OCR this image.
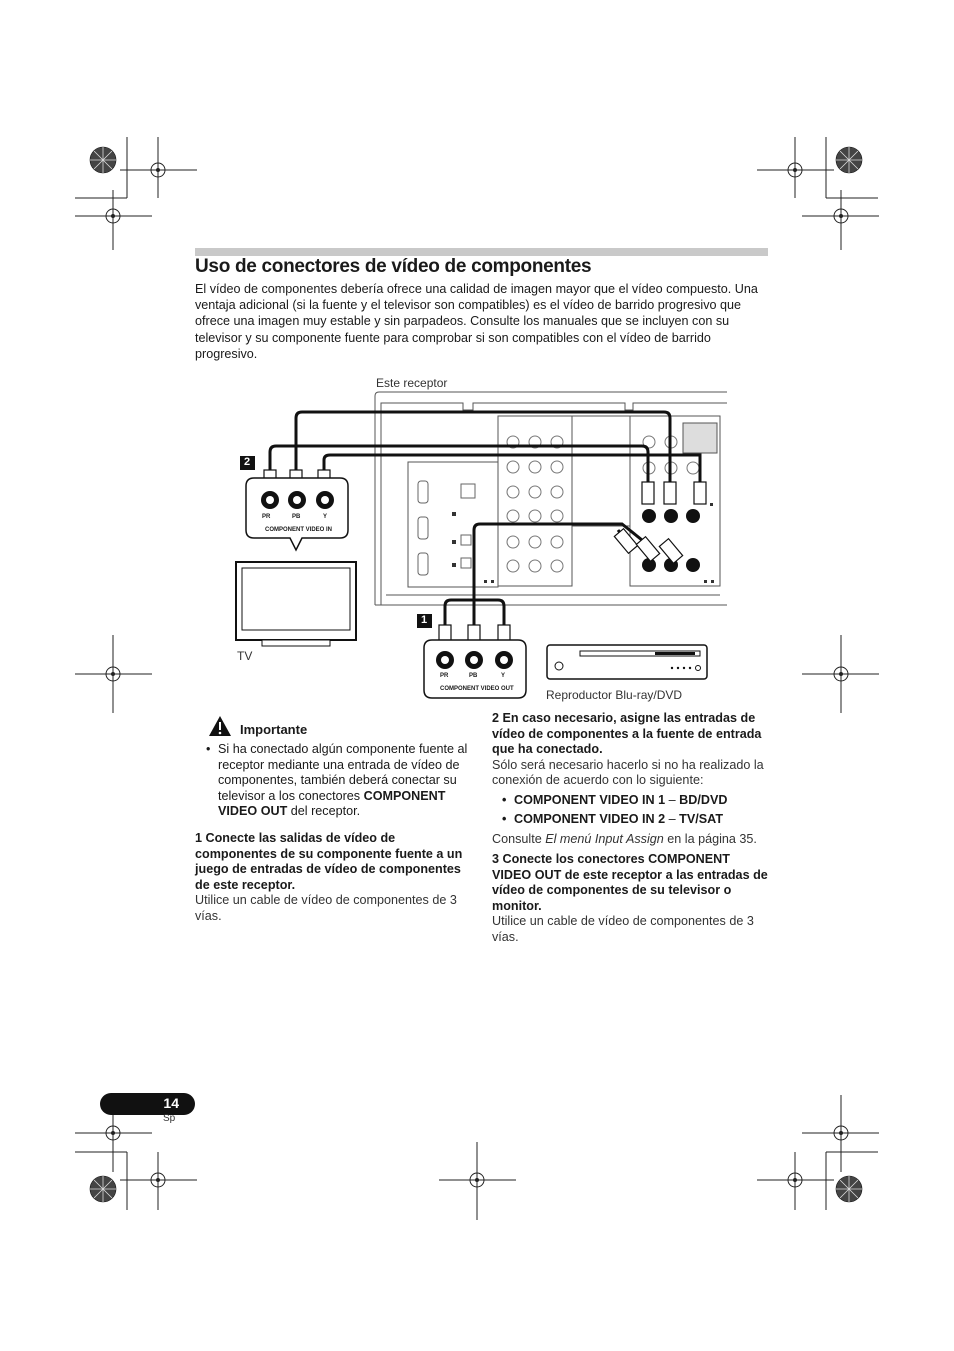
Uso de conectores de vídeo de componentes
El vídeo de componentes debería ofrece una calidad de imagen mayor que el vídeo compuesto. Una ventaja adicional (si la fuente y el televisor son compatibles) es el vídeo de barrido progresivo que ofrece una imagen muy estable y sin parpadeos. Consulte los manuales que se incluyen con su televisor y su componente fuente para comprobar si son compatibles con el vídeo de barrido progresivo.
Este receptor
TV
Reproductor Blu-ray/DVD
2
1
PR	PB	Y
COMPONENT VIDEO IN
PR	PB	Y
COMPONENT VIDEO OUT
Importante

• Si ha conectado algún componente fuente al receptor mediante una entrada de vídeo de componentes, también deberá conectar su televisor a los conectores COMPONENT VIDEO OUT del receptor.

1 Conecte las salidas de vídeo de componentes de su componente fuente a un juego de entradas de vídeo de componentes de este receptor.

Utilice un cable de vídeo de componentes de 3 vías.

2 En caso necesario, asigne las entradas de vídeo de componentes a la fuente de entrada que ha conectado.

Sólo será necesario hacerlo si no ha realizado la conexión de acuerdo con lo siguiente:

• COMPONENT VIDEO IN 1 – BD/DVD

• COMPONENT VIDEO IN 2 – TV/SAT

Consulte El menú Input Assign en la página 35.

3 Conecte los conectores COMPONENT VIDEO OUT de este receptor a las entradas de vídeo de componentes de su televisor o monitor.

Utilice un cable de vídeo de componentes de 3 vías.

14
Sp
